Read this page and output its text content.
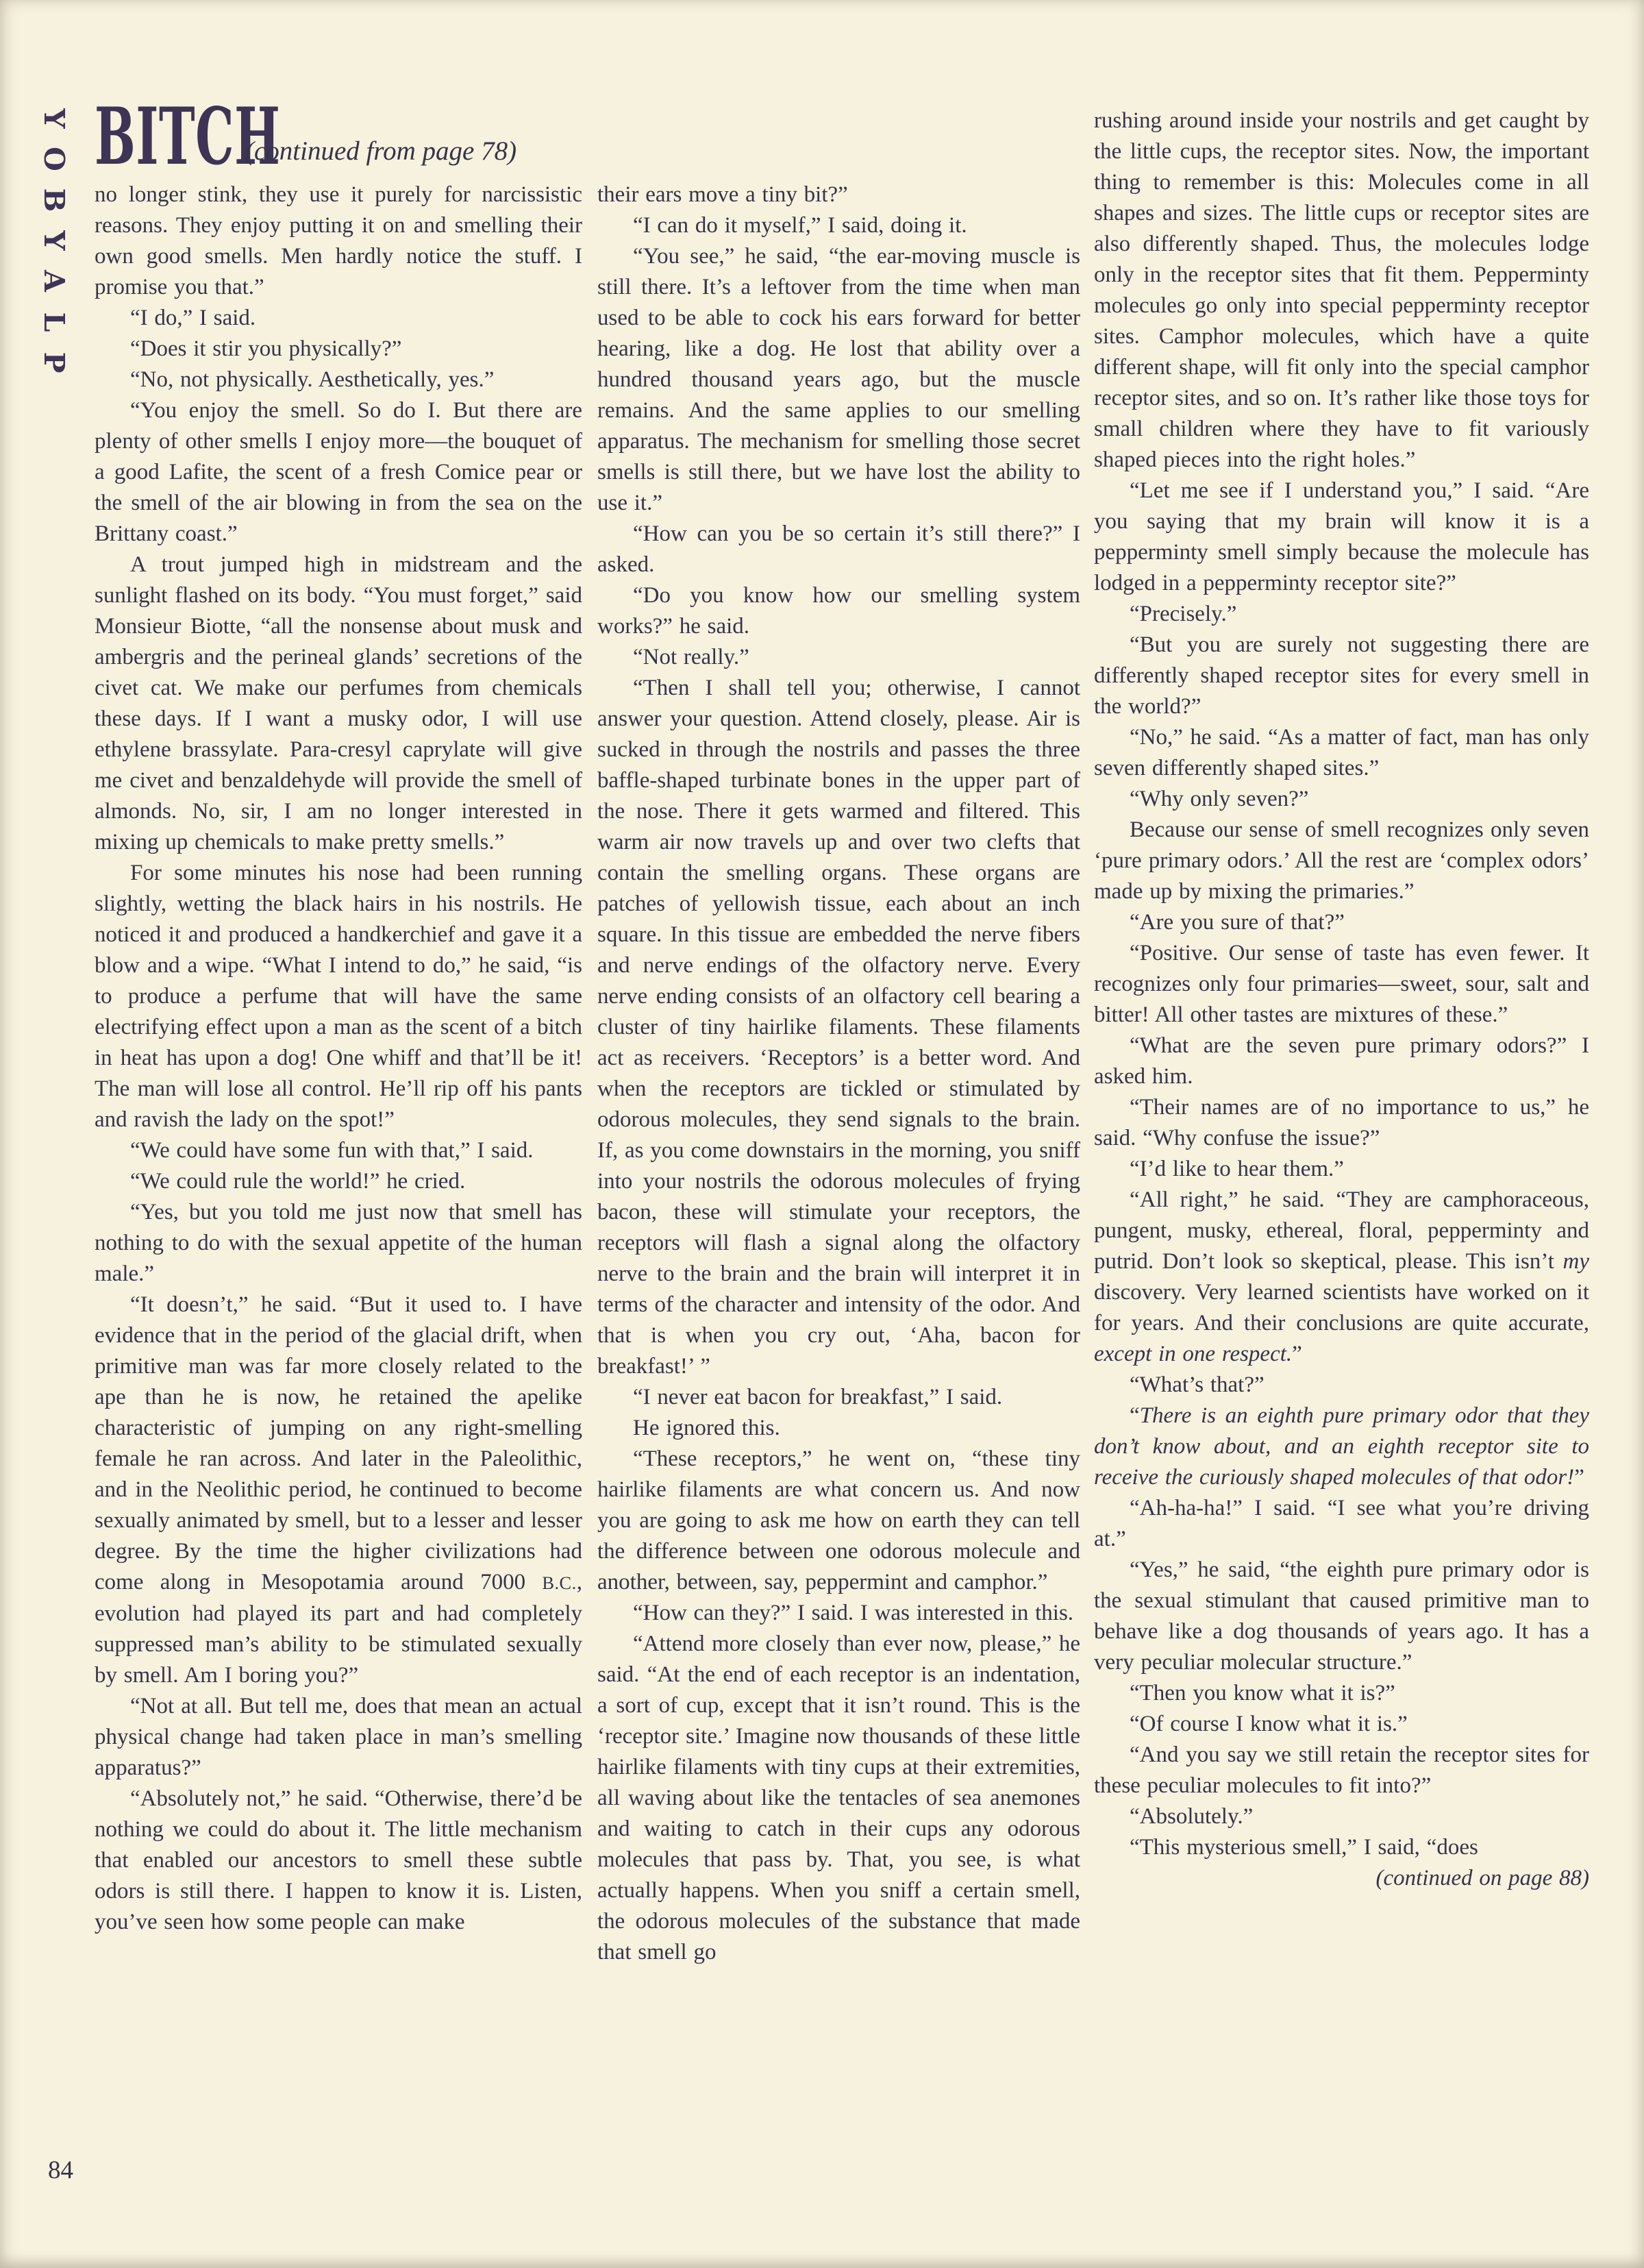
P
L
A
Y
B
O
Y BITCH
(continued from page 78)

no longer stink, they use it purely for narcissistic reasons. They enjoy putting it on and smelling their own good smells. Men hardly notice the stuff. I promise you that.”

“I do,” I said.

“Does it stir you physically?”

“No, not physically. Aesthetically, yes.”

“You enjoy the smell. So do I. But there are plenty of other smells I enjoy more—the bouquet of a good Lafite, the scent of a fresh Comice pear or the smell of the air blowing in from the sea on the Brittany coast.”

A trout jumped high in midstream and the sunlight flashed on its body. “You must forget,” said Monsieur Biotte, “all the nonsense about musk and ambergris and the perineal glands’ secretions of the civet cat. We make our perfumes from chemicals these days. If I want a musky odor, I will use ethylene brassylate. Para-cresyl caprylate will give me civet and benzaldehyde will provide the smell of almonds. No, sir, I am no longer interested in mixing up chemicals to make pretty smells.”

For some minutes his nose had been running slightly, wetting the black hairs in his nostrils. He noticed it and produced a handkerchief and gave it a blow and a wipe. “What I intend to do,” he said, “is to produce a perfume that will have the same electrifying effect upon a man as the scent of a bitch in heat has upon a dog! One whiff and that’ll be it! The man will lose all control. He’ll rip off his pants and ravish the lady on the spot!”

“We could have some fun with that,” I said.

“We could rule the world!” he cried.

“Yes, but you told me just now that smell has nothing to do with the sexual appetite of the human male.”

“It doesn’t,” he said. “But it used to. I have evidence that in the period of the glacial drift, when primitive man was far more closely related to the ape than he is now, he retained the apelike characteristic of jumping on any right-smelling female he ran across. And later in the Paleolithic, and in the Neolithic period, he continued to become sexually animated by smell, but to a lesser and lesser degree. By the time the higher civilizations had come along in Mesopotamia around 7000 B.C., evolution had played its part and had completely suppressed man’s ability to be stimulated sexually by smell. Am I boring you?”

“Not at all. But tell me, does that mean an actual physical change had taken place in man’s smelling apparatus?”

“Absolutely not,” he said. “Otherwise, there’d be nothing we could do about it. The little mechanism that enabled our ancestors to smell these subtle odors is still there. I happen to know it is. Listen, you’ve seen how some people can make

their ears move a tiny bit?”

“I can do it myself,” I said, doing it.

“You see,” he said, “the ear-moving muscle is still there. It’s a leftover from the time when man used to be able to cock his ears forward for better hearing, like a dog. He lost that ability over a hundred thousand years ago, but the muscle remains. And the same applies to our smelling apparatus. The mechanism for smelling those secret smells is still there, but we have lost the ability to use it.”

“How can you be so certain it’s still there?” I asked.

“Do you know how our smelling system works?” he said.

“Not really.”

“Then I shall tell you; otherwise, I cannot answer your question. Attend closely, please. Air is sucked in through the nostrils and passes the three baffle-shaped turbinate bones in the upper part of the nose. There it gets warmed and filtered. This warm air now travels up and over two clefts that contain the smelling organs. These organs are patches of yellowish tissue, each about an inch square. In this tissue are embedded the nerve fibers and nerve endings of the olfactory nerve. Every nerve ending consists of an olfactory cell bearing a cluster of tiny hairlike filaments. These filaments act as receivers. ‘Receptors’ is a better word. And when the receptors are tickled or stimulated by odorous molecules, they send signals to the brain. If, as you come downstairs in the morning, you sniff into your nostrils the odorous molecules of frying bacon, these will stimulate your receptors, the receptors will flash a signal along the olfactory nerve to the brain and the brain will interpret it in terms of the character and intensity of the odor. And that is when you cry out, ‘Aha, bacon for breakfast!’ ”

“I never eat bacon for breakfast,” I said.

He ignored this.

“These receptors,” he went on, “these tiny hairlike filaments are what concern us. And now you are going to ask me how on earth they can tell the difference between one odorous molecule and another, between, say, peppermint and camphor.”

“How can they?” I said. I was interested in this.

“Attend more closely than ever now, please,” he said. “At the end of each receptor is an indentation, a sort of cup, except that it isn’t round. This is the ‘receptor site.’ Imagine now thousands of these little hairlike filaments with tiny cups at their extremities, all waving about like the tentacles of sea anemones and waiting to catch in their cups any odorous molecules that pass by. That, you see, is what actually happens. When you sniff a certain smell, the odorous molecules of the substance that made that smell go

rushing around inside your nostrils and get caught by the little cups, the receptor sites. Now, the important thing to remember is this: Molecules come in all shapes and sizes. The little cups or receptor sites are also differently shaped. Thus, the molecules lodge only in the receptor sites that fit them. Pepperminty molecules go only into special pepperminty receptor sites. Camphor molecules, which have a quite different shape, will fit only into the special camphor receptor sites, and so on. It’s rather like those toys for small children where they have to fit variously shaped pieces into the right holes.”

“Let me see if I understand you,” I said. “Are you saying that my brain will know it is a pepperminty smell simply because the molecule has lodged in a pepperminty receptor site?”

“Precisely.”

“But you are surely not suggesting there are differently shaped receptor sites for every smell in the world?”

“No,” he said. “As a matter of fact, man has only seven differently shaped sites.”

“Why only seven?”

Because our sense of smell recognizes only seven ‘pure primary odors.’ All the rest are ‘complex odors’ made up by mixing the primaries.”

“Are you sure of that?”

“Positive. Our sense of taste has even fewer. It recognizes only four primaries—sweet, sour, salt and bitter! All other tastes are mixtures of these.”

“What are the seven pure primary odors?” I asked him.

“Their names are of no importance to us,” he said. “Why confuse the issue?”

“I’d like to hear them.”

“All right,” he said. “They are camphoraceous, pungent, musky, ethereal, floral, pepperminty and putrid. Don’t look so skeptical, please. This isn’t my discovery. Very learned scientists have worked on it for years. And their conclusions are quite accurate, except in one respect.”

“What’s that?”

“There is an eighth pure primary odor that they don’t know about, and an eighth receptor site to receive the curiously shaped molecules of that odor!”

“Ah-ha-ha!” I said. “I see what you’re driving at.”

“Yes,” he said, “the eighth pure primary odor is the sexual stimulant that caused primitive man to behave like a dog thousands of years ago. It has a very peculiar molecular structure.”

“Then you know what it is?”

“Of course I know what it is.”

“And you say we still retain the receptor sites for these peculiar molecules to fit into?”

“Absolutely.”

“This mysterious smell,” I said, “does

(continued on page 88)

84
